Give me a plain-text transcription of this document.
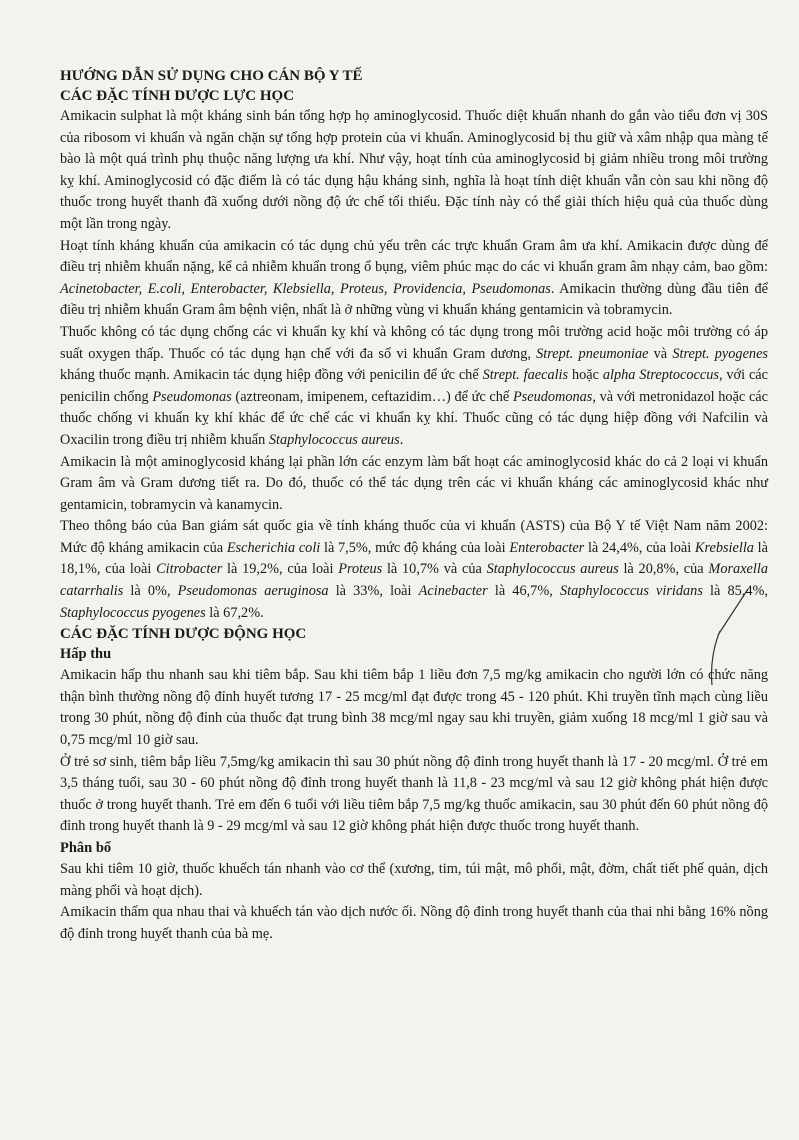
HƯỚNG DẪN SỬ DỤNG CHO CÁN BỘ Y TẾ
CÁC ĐẶC TÍNH DƯỢC LỰC HỌC

Amikacin sulphat là một kháng sinh bán tổng hợp họ aminoglycosid. Thuốc diệt khuẩn nhanh do gắn vào tiểu đơn vị 30S của ribosom vi khuẩn và ngăn chặn sự tổng hợp protein của vi khuẩn. Aminoglycosid bị thu giữ và xâm nhập qua màng tế bào là một quá trình phụ thuộc năng lượng ưa khí. Như vậy, hoạt tính của aminoglycosid bị giảm nhiều trong môi trường kỵ khí. Aminoglycosid có đặc điểm là có tác dụng hậu kháng sinh, nghĩa là hoạt tính diệt khuẩn vẫn còn sau khi nồng độ thuốc trong huyết thanh đã xuống dưới nồng độ ức chế tối thiểu. Đặc tính này có thể giải thích hiệu quả của thuốc dùng một lần trong ngày.

Hoạt tính kháng khuẩn của amikacin có tác dụng chủ yếu trên các trực khuẩn Gram âm ưa khí. Amikacin được dùng để điều trị nhiễm khuẩn nặng, kể cả nhiễm khuẩn trong ổ bụng, viêm phúc mạc do các vi khuẩn gram âm nhạy cảm, bao gồm: Acinetobacter, E.coli, Enterobacter, Klebsiella, Proteus, Providencia, Pseudomonas. Amikacin thường dùng đầu tiên để điều trị nhiễm khuẩn Gram âm bệnh viện, nhất là ở những vùng vi khuẩn kháng gentamicin và tobramycin.

Thuốc không có tác dụng chống các vi khuẩn kỵ khí và không có tác dụng trong môi trường acid hoặc môi trường có áp suất oxygen thấp. Thuốc có tác dụng hạn chế với đa số vi khuẩn Gram dương, Strept. pneumoniae và Strept. pyogenes kháng thuốc mạnh. Amikacin tác dụng hiệp đồng với penicilin để ức chế Strept. faecalis hoặc alpha Streptococcus, với các penicilin chống Pseudomonas (aztreonam, imipenem, ceftazidim…) để ức chế Pseudomonas, và với metronidazol hoặc các thuốc chống vi khuẩn kỵ khí khác để ức chế các vi khuẩn kỵ khí. Thuốc cũng có tác dụng hiệp đồng với Nafcilin và Oxacilin trong điều trị nhiễm khuẩn Staphylococcus aureus.

Amikacin là một aminoglycosid kháng lại phần lớn các enzym làm bất hoạt các aminoglycosid khác do cả 2 loại vi khuẩn Gram âm và Gram dương tiết ra. Do đó, thuốc có thể tác dụng trên các vi khuẩn kháng các aminoglycosid khác như gentamicin, tobramycin và kanamycin.

Theo thông báo của Ban giám sát quốc gia về tính kháng thuốc của vi khuẩn (ASTS) của Bộ Y tế Việt Nam năm 2002: Mức độ kháng amikacin của Escherichia coli là 7,5%, mức độ kháng của loài Enterobacter là 24,4%, của loài Krebsiella là 18,1%, của loài Citrobacter là 19,2%, của loài Proteus là 10,7% và của Staphylococcus aureus là 20,8%, của Moraxella catarrhalis là 0%, Pseudomonas aeruginosa là 33%, loài Acinebacter là 46,7%, Staphylococcus viridans là 85,4%, Staphylococcus pyogenes là 67,2%.

CÁC ĐẶC TÍNH DƯỢC ĐỘNG HỌC
Hấp thu

Amikacin hấp thu nhanh sau khi tiêm bắp. Sau khi tiêm bắp 1 liều đơn 7,5 mg/kg amikacin cho người lớn có chức năng thận bình thường nồng độ đỉnh huyết tương 17 - 25 mcg/ml đạt được trong 45 - 120 phút. Khi truyền tĩnh mạch cùng liều trong 30 phút, nồng độ đỉnh của thuốc đạt trung bình 38 mcg/ml ngay sau khi truyền, giảm xuống 18 mcg/ml 1 giờ sau và 0,75 mcg/ml 10 giờ sau.

Ở trẻ sơ sinh, tiêm bắp liều 7,5mg/kg amikacin thì sau 30 phút nồng độ đỉnh trong huyết thanh là 17 - 20 mcg/ml. Ở trẻ em 3,5 tháng tuổi, sau 30 - 60 phút nồng độ đỉnh trong huyết thanh là 11,8 - 23 mcg/ml và sau 12 giờ không phát hiện được thuốc ở trong huyết thanh. Trẻ em đến 6 tuổi với liều tiêm bắp 7,5 mg/kg thuốc amikacin, sau 30 phút đến 60 phút nồng độ đỉnh trong huyết thanh là 9 - 29 mcg/ml và sau 12 giờ không phát hiện được thuốc trong huyết thanh.

Phân bố

Sau khi tiêm 10 giờ, thuốc khuếch tán nhanh vào cơ thể (xương, tim, túi mật, mô phổi, mật, đờm, chất tiết phế quản, dịch màng phổi và hoạt dịch).

Amikacin thấm qua nhau thai và khuếch tán vào dịch nước ối. Nồng độ đỉnh trong huyết thanh của thai nhi bằng 16% nồng độ đỉnh trong huyết thanh của bà mẹ.
